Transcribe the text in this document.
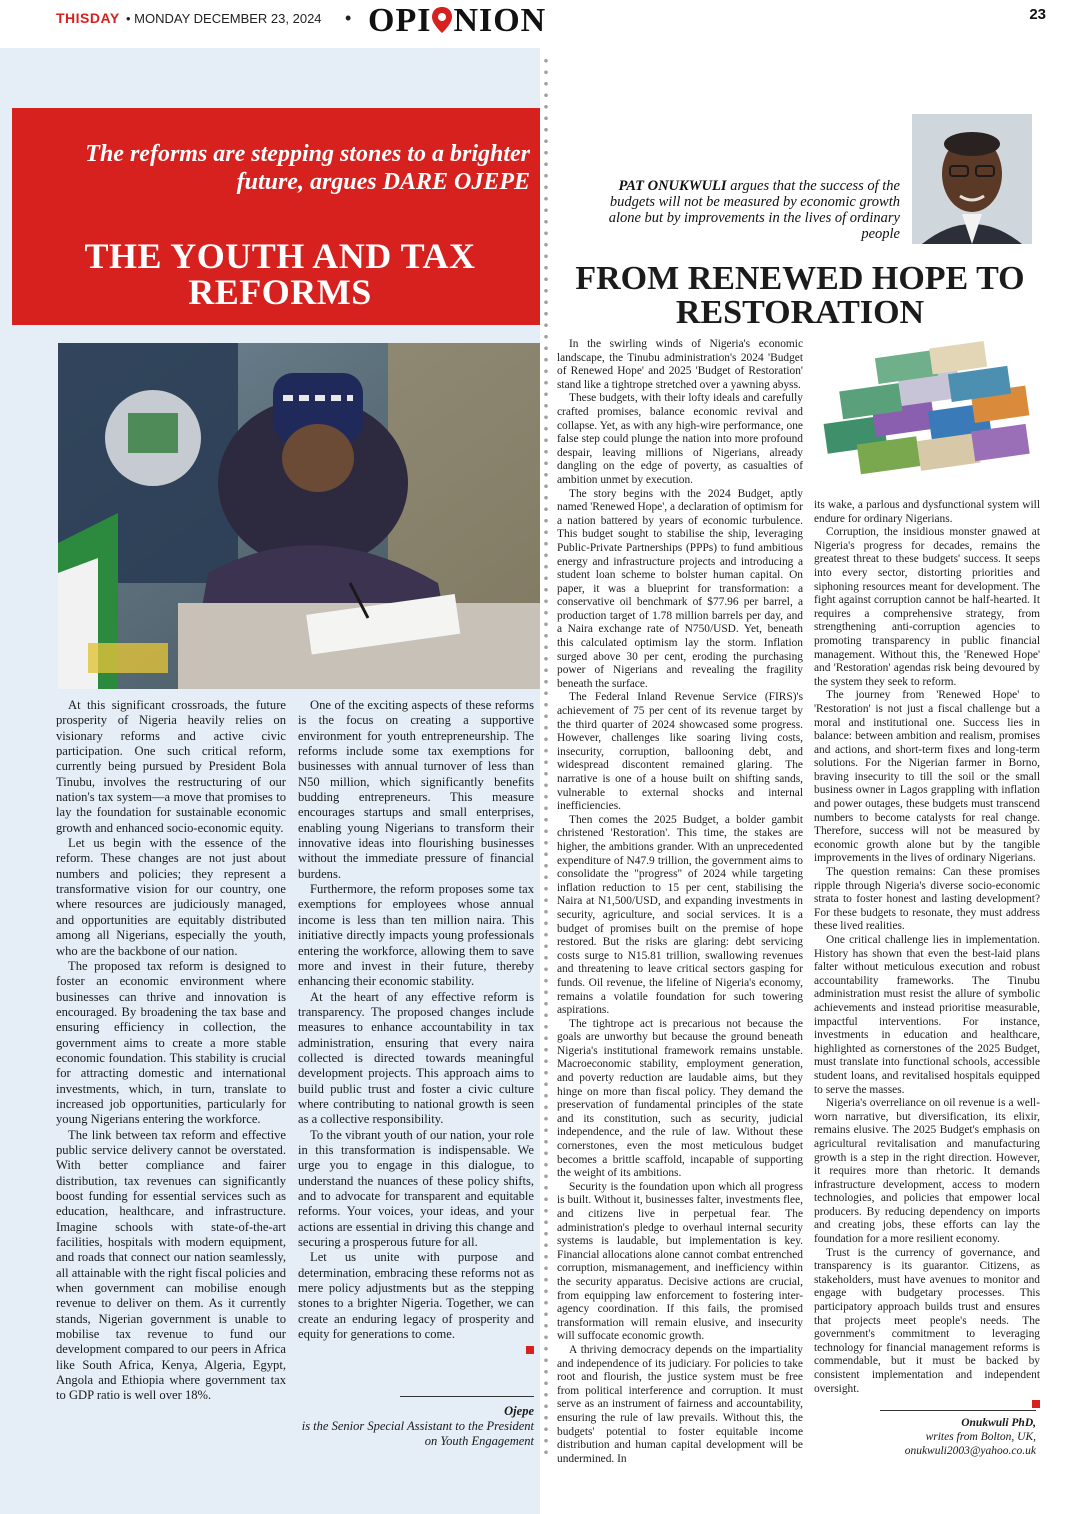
THISDAY • MONDAY DECEMBER 23, 2024 • OPI NION	23
The reforms are stepping stones to a brighter future, argues DARE OJEPE
THE YOUTH AND TAX REFORMS

At this significant crossroads, the future prosperity of Nigeria heavily relies on visionary reforms and active civic participation. One such critical reform, currently being pursued by President Bola Tinubu, involves the restructuring of our nation's tax system—a move that promises to lay the foundation for sustainable economic growth and enhanced socio-economic equity.

Let us begin with the essence of the reform. These changes are not just about numbers and policies; they represent a transformative vision for our country, one where resources are judiciously managed, and opportunities are equitably distributed among all Nigerians, especially the youth, who are the backbone of our nation.

The proposed tax reform is designed to foster an economic environment where businesses can thrive and innovation is encouraged. By broadening the tax base and ensuring efficiency in collection, the government aims to create a more stable economic foundation. This stability is crucial for attracting domestic and international investments, which, in turn, translate to increased job opportunities, particularly for young Nigerians entering the workforce.

The link between tax reform and effective public service delivery cannot be overstated. With better compliance and fairer distribution, tax revenues can significantly boost funding for essential services such as education, healthcare, and infrastructure. Imagine schools with state-of-the-art facilities, hospitals with modern equipment, and roads that connect our nation seamlessly, all attainable with the right fiscal policies and when government can mobilise enough revenue to deliver on them. As it currently stands, Nigerian government is unable to mobilise tax revenue to fund our development compared to our peers in Africa like South Africa, Kenya, Algeria, Egypt, Angola and Ethiopia where government tax to GDP ratio is well over 18%.

One of the exciting aspects of these reforms is the focus on creating a supportive environment for youth entrepreneurship. The reforms include some tax exemptions for businesses with annual turnover of less than N50 million, which significantly benefits budding entrepreneurs. This measure encourages startups and small enterprises, enabling young Nigerians to transform their innovative ideas into flourishing businesses without the immediate pressure of financial burdens.

Furthermore, the reform proposes some tax exemptions for employees whose annual income is less than ten million naira. This initiative directly impacts young professionals entering the workforce, allowing them to save more and invest in their future, thereby enhancing their economic stability.

At the heart of any effective reform is transparency. The proposed changes include measures to enhance accountability in tax administration, ensuring that every naira collected is directed towards meaningful development projects. This approach aims to build public trust and foster a civic culture where contributing to national growth is seen as a collective responsibility.

To the vibrant youth of our nation, your role in this transformation is indispensable. We urge you to engage in this dialogue, to understand the nuances of these policy shifts, and to advocate for transparent and equitable reforms. Your voices, your ideas, and your actions are essential in driving this change and securing a prosperous future for all.

Let us unite with purpose and determination, embracing these reforms not as mere policy adjustments but as the stepping stones to a brighter Nigeria. Together, we can create an enduring legacy of prosperity and equity for generations to come.

Ojepe
is the Senior Special Assistant to the President on Youth Engagement
PAT ONUKWULI argues that the success of the budgets will not be measured by economic growth alone but by improvements in the lives of ordinary people
FROM RENEWED HOPE TO RESTORATION

In the swirling winds of Nigeria's economic landscape, the Tinubu administration's 2024 'Budget of Renewed Hope' and 2025 'Budget of Restoration' stand like a tightrope stretched over a yawning abyss.

These budgets, with their lofty ideals and carefully crafted promises, balance economic revival and collapse. Yet, as with any high-wire performance, one false step could plunge the nation into more profound despair, leaving millions of Nigerians, already dangling on the edge of poverty, as casualties of ambition unmet by execution.

The story begins with the 2024 Budget, aptly named 'Renewed Hope', a declaration of optimism for a nation battered by years of economic turbulence. This budget sought to stabilise the ship, leveraging Public-Private Partnerships (PPPs) to fund ambitious energy and infrastructure projects and introducing a student loan scheme to bolster human capital. On paper, it was a blueprint for transformation: a conservative oil benchmark of $77.96 per barrel, a production target of 1.78 million barrels per day, and a Naira exchange rate of N750/USD. Yet, beneath this calculated optimism lay the storm. Inflation surged above 30 per cent, eroding the purchasing power of Nigerians and revealing the fragility beneath the surface.

The Federal Inland Revenue Service (FIRS)'s achievement of 75 per cent of its revenue target by the third quarter of 2024 showcased some progress. However, challenges like soaring living costs, insecurity, corruption, ballooning debt, and widespread discontent remained glaring. The narrative is one of a house built on shifting sands, vulnerable to external shocks and internal inefficiencies.

Then comes the 2025 Budget, a bolder gambit christened 'Restoration'. This time, the stakes are higher, the ambitions grander. With an unprecedented expenditure of N47.9 trillion, the government aims to consolidate the "progress" of 2024 while targeting inflation reduction to 15 per cent, stabilising the Naira at N1,500/USD, and expanding investments in security, agriculture, and social services. It is a budget of promises built on the premise of hope restored. But the risks are glaring: debt servicing costs surge to N15.81 trillion, swallowing revenues and threatening to leave critical sectors gasping for funds. Oil revenue, the lifeline of Nigeria's economy, remains a volatile foundation for such towering aspirations.

The tightrope act is precarious not because the goals are unworthy but because the ground beneath Nigeria's institutional framework remains unstable. Macroeconomic stability, employment generation, and poverty reduction are laudable aims, but they hinge on more than fiscal policy. They demand the preservation of fundamental principles of the state and its constitution, such as security, judicial independence, and the rule of law. Without these cornerstones, even the most meticulous budget becomes a brittle scaffold, incapable of supporting the weight of its ambitions.

Security is the foundation upon which all progress is built. Without it, businesses falter, investments flee, and citizens live in perpetual fear. The administration's pledge to overhaul internal security systems is laudable, but implementation is key. Financial allocations alone cannot combat entrenched corruption, mismanagement, and inefficiency within the security apparatus. Decisive actions are crucial, from equipping law enforcement to fostering inter-agency coordination. If this fails, the promised transformation will remain elusive, and insecurity will suffocate economic growth.

A thriving democracy depends on the impartiality and independence of its judiciary. For policies to take root and flourish, the justice system must be free from political interference and corruption. It must serve as an instrument of fairness and accountability, ensuring the rule of law prevails. Without this, the budgets' potential to foster equitable income distribution and human capital development will be undermined. In

its wake, a parlous and dysfunctional system will endure for ordinary Nigerians.

Corruption, the insidious monster gnawed at Nigeria's progress for decades, remains the greatest threat to these budgets' success. It seeps into every sector, distorting priorities and siphoning resources meant for development. The fight against corruption cannot be half-hearted. It requires a comprehensive strategy, from strengthening anti-corruption agencies to promoting transparency in public financial management. Without this, the 'Renewed Hope' and 'Restoration' agendas risk being devoured by the system they seek to reform.

The journey from 'Renewed Hope' to 'Restoration' is not just a fiscal challenge but a moral and institutional one. Success lies in balance: between ambition and realism, promises and actions, and short-term fixes and long-term solutions. For the Nigerian farmer in Borno, braving insecurity to till the soil or the small business owner in Lagos grappling with inflation and power outages, these budgets must transcend numbers to become catalysts for real change. Therefore, success will not be measured by economic growth alone but by the tangible improvements in the lives of ordinary Nigerians.

The question remains: Can these promises ripple through Nigeria's diverse socio-economic strata to foster honest and lasting development? For these budgets to resonate, they must address these lived realities.

One critical challenge lies in implementation. History has shown that even the best-laid plans falter without meticulous execution and robust accountability frameworks. The Tinubu administration must resist the allure of symbolic achievements and instead prioritise measurable, impactful interventions. For instance, investments in education and healthcare, highlighted as cornerstones of the 2025 Budget, must translate into functional schools, accessible student loans, and revitalised hospitals equipped to serve the masses.

Nigeria's overreliance on oil revenue is a well-worn narrative, but diversification, its elixir, remains elusive. The 2025 Budget's emphasis on agricultural revitalisation and manufacturing growth is a step in the right direction. However, it requires more than rhetoric. It demands infrastructure development, access to modern technologies, and policies that empower local producers. By reducing dependency on imports and creating jobs, these efforts can lay the foundation for a more resilient economy.

Trust is the currency of governance, and transparency is its guarantor. Citizens, as stakeholders, must have avenues to monitor and engage with budgetary processes. This participatory approach builds trust and ensures that projects meet people's needs. The government's commitment to leveraging technology for financial management reforms is commendable, but it must be backed by consistent implementation and independent oversight.

Onukwuli PhD,
writes from Bolton, UK, onukwuli2003@yahoo.co.uk
